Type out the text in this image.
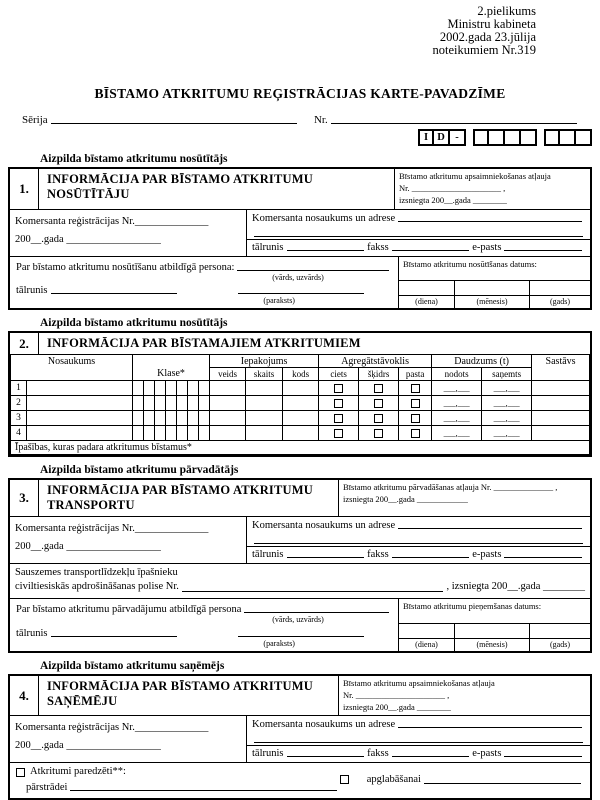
2.pielikums
Ministru kabineta
2002.gada 23.jūlija
noteikumiem Nr.319
BĪSTAMO ATKRITUMU REĢISTRĀCIJAS KARTE-PAVADZĪME
Sērija	Nr.
I D -
Aizpilda bīstamo atkritumu nosūtītājs
1.
INFORMĀCIJA PAR BĪSTAMO ATKRITUMU NOSŪTĪTĀJU
Bīstamo atkritumu apsaimniekošanas atļauja
Nr. _____________________ ,
izsniegta 200__.gada ________
Komersanta reģistrācijas Nr.______________
200__.gada __________________
Komersanta nosaukums un adrese
tālrunis	fakss	e-pasts
Par bīstamo atkritumu nosūtīšanu atbildīgā persona:
(vārds, uzvārds)
tālrunis
(paraksts)
Bīstamo atkritumu nosūtīšanas datums:
(diena)	(mēnesis)	(gads)
Aizpilda bīstamo atkritumu nosūtītājs
2.	INFORMĀCIJA PAR BĪSTAMAJIEM ATKRITUMIEM
Nosaukums		Klase*							Iepakojums			Agregātstāvoklis			Daudzums (t)		Sastāvs
									veids	skaits	kods	ciets	šķidrs	pasta	nodots	saņemts	
1															___,___	___,___	
2															___,___	___,___	
3															___,___	___,___	
4															___,___	___,___	
Īpašības, kuras padara atkritumus bīstamus*																	
Aizpilda bīstamo atkritumu pārvadātājs
3.	INFORMĀCIJA PAR BĪSTAMO ATKRITUMU TRANSPORTU
Bīstamo atkritumu pārvadāšanas atļauja Nr. ______________ ,
izsniegta 200__.gada ____________
Komersanta reģistrācijas Nr.______________
200__.gada __________________
Komersanta nosaukums un adrese
tālrunis	fakss	e-pasts
Sauszemes transportlīdzekļu īpašnieku
civiltiesiskās apdrošināšanas polise Nr.	, izsniegta 200__.gada ________
Par bīstamo atkritumu pārvadājumu atbildīgā persona
(vārds, uzvārds)
tālrunis
(paraksts)
Bīstamo atkritumu pieņemšanas datums:
(diena)	(mēnesis)	(gads)
Aizpilda bīstamo atkritumu saņēmējs
4.
INFORMĀCIJA PAR BĪSTAMO ATKRITUMU SAŅĒMĒJU
Bīstamo atkritumu apsaimniekošanas atļauja
Nr. _____________________ ,
izsniegta 200__.gada ________
Komersanta reģistrācijas Nr.______________
200__.gada __________________
Komersanta nosaukums un adrese
tālrunis	fakss	e-pasts
Atkritumi paredzēti**:
pārstrādei
apglabāšanai
